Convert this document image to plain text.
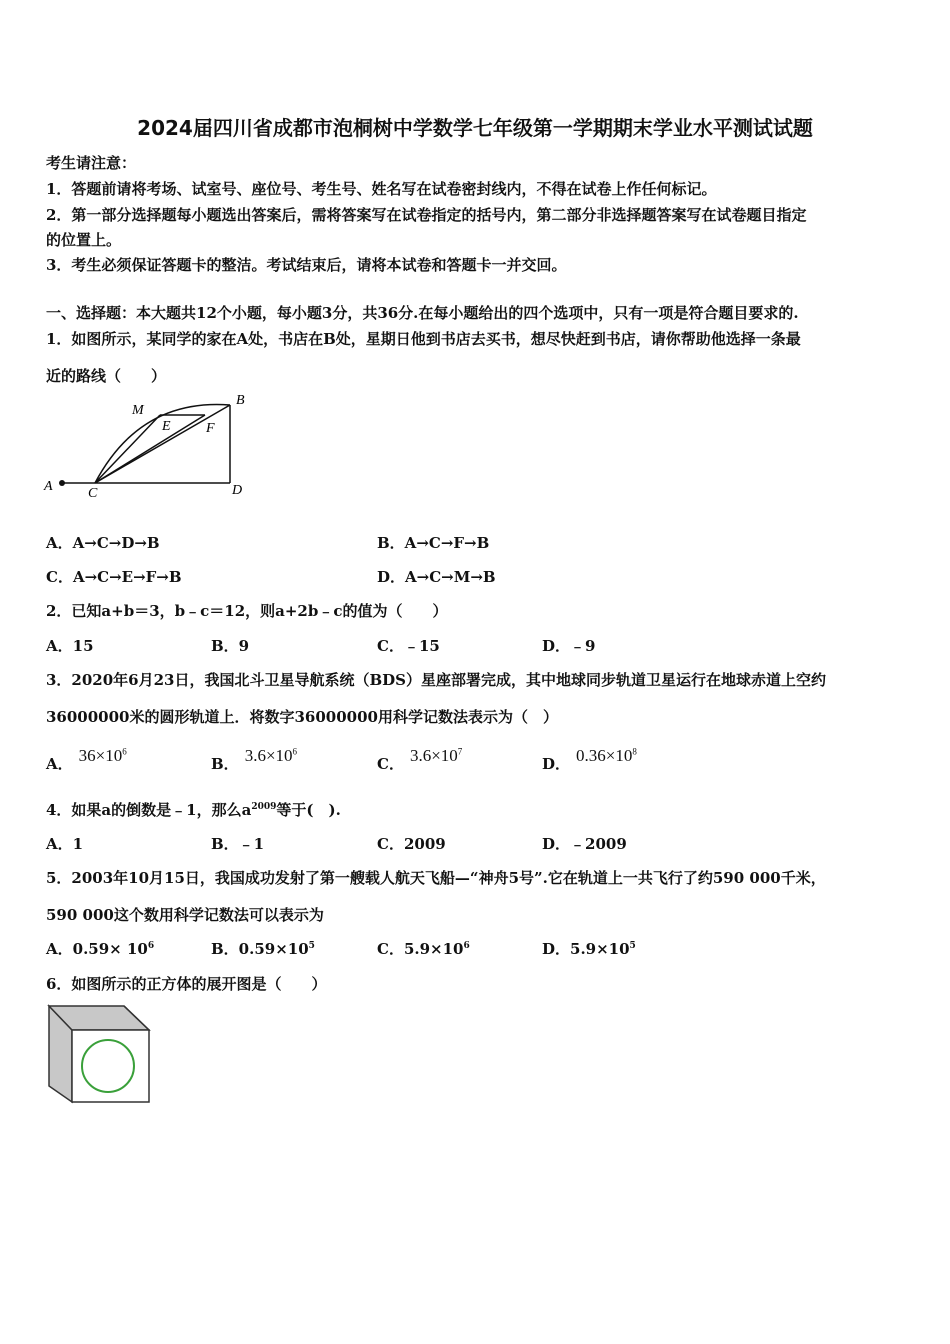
2024届四川省成都市泡桐树中学数学七年级第一学期期末学业水平测试试题
考生请注意：
1．答题前请将考场、试室号、座位号、考生号、姓名写在试卷密封线内，不得在试卷上作任何标记。
2．第一部分选择题每小题选出答案后，需将答案写在试卷指定的括号内，第二部分非选择题答案写在试卷题目指定
的位置上。
3．考生必须保证答题卡的整洁。考试结束后，请将本试卷和答题卡一并交回。
一、选择题：本大题共12个小题，每小题3分，共36分.在每小题给出的四个选项中，只有一项是符合题目要求的.
1．如图所示，某同学的家在A处，书店在B处，星期日他到书店去买书，想尽快赶到书店，请你帮助他选择一条最
近的路线（　　）
A	C	D
B
M
E	F
A．A→C→D→B	B．A→C→F→B
C．A→C→E→F→B	D．A→C→M→B
2．已知a+b＝3，b﹣c＝12，则a+2b﹣c的值为（　　）
A．15	B．9	C．﹣15	D．﹣9
3．2020年6月23日，我国北斗卫星导航系统（BDS）星座部署完成，其中地球同步轨道卫星运行在地球赤道上空约
36000000米的圆形轨道上．将数字36000000用科学记数法表示为（　）
A． $36\times 10^6$
B． $3.6\times 10^6$
C． $3.6\times 10^7$
D． $0.36\times 10^8$
4．如果a的倒数是﹣1，那么$a^{2009}$等于(　).
A．1	B．﹣1	C．2009	D．﹣2009
5．2003年10月15日，我国成功发射了第一艘载人航天飞船—“神舟5号”.它在轨道上一共飞行了约590 000千米，
590 000这个数用科学记数法可以表示为
A．$0.59\times 10^6$	B．$0.59\times 10^5$	C．$5.9\times 10^6$	D．$5.9\times 10^5$
6．如图所示的正方体的展开图是（　　）
